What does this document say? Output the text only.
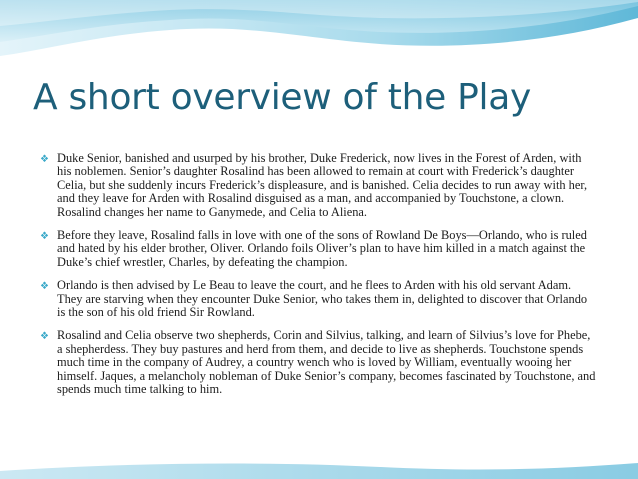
A short overview of the Play
❖ Duke Senior, banished and usurped by his brother, Duke Frederick, now lives in the Forest of Arden, with his noblemen. Senior’s daughter Rosalind has been allowed to remain at court with Frederick’s daughter Celia, but she suddenly incurs Frederick’s displeasure, and is banished. Celia decides to run away with her, and they leave for Arden with Rosalind disguised as a man, and accompanied by Touchstone, a clown. Rosalind changes her name to Ganymede, and Celia to Aliena.
❖ Before they leave, Rosalind falls in love with one of the sons of Rowland De Boys—Orlando, who is ruled and hated by his elder brother, Oliver. Orlando foils Oliver’s plan to have him killed in a match against the Duke’s chief wrestler, Charles, by defeating the champion.
❖ Orlando is then advised by Le Beau to leave the court, and he flees to Arden with his old servant Adam. They are starving when they encounter Duke Senior, who takes them in, delighted to discover that Orlando is the son of his old friend Sir Rowland.
❖ Rosalind and Celia observe two shepherds, Corin and Silvius, talking, and learn of Silvius’s love for Phebe, a shepherdess. They buy pastures and herd from them, and decide to live as shepherds. Touchstone spends much time in the company of Audrey, a country wench who is loved by William, eventually wooing her himself. Jaques, a melancholy nobleman of Duke Senior’s company, becomes fascinated by Touchstone, and spends much time talking to him.
